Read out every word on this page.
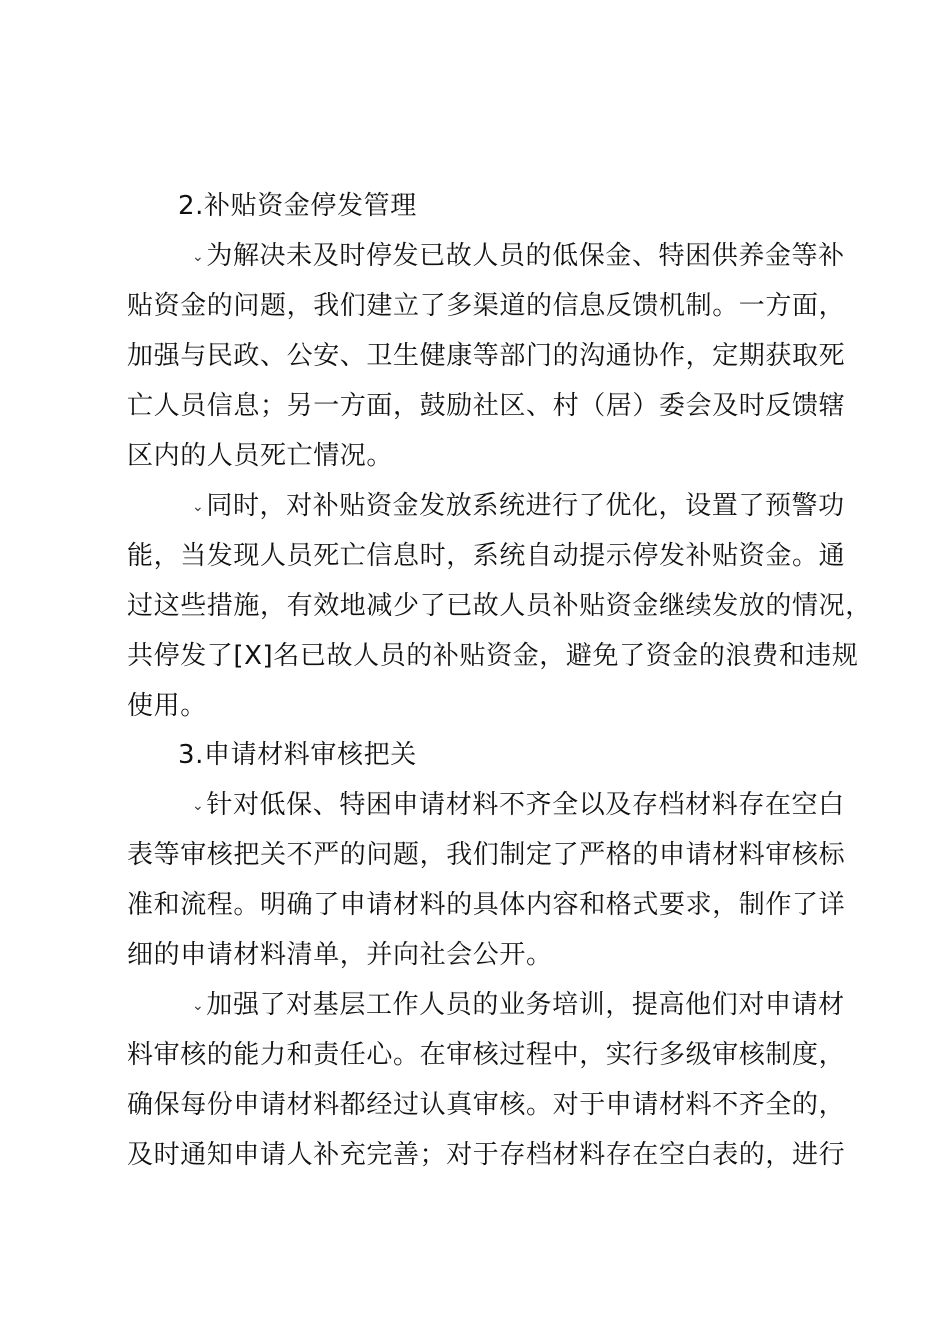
2.补贴资金停发管理

⌄为解决未及时停发已故人员的低保金、特困供养金等补

贴资金的问题，我们建立了多渠道的信息反馈机制。一方面，

加强与民政、公安、卫生健康等部门的沟通协作，定期获取死

亡人员信息；另一方面，鼓励社区、村（居）委会及时反馈辖

区内的人员死亡情况。

⌄同时，对补贴资金发放系统进行了优化，设置了预警功

能，当发现人员死亡信息时，系统自动提示停发补贴资金。通

过这些措施，有效地减少了已故人员补贴资金继续发放的情况，

共停发了[X]名已故人员的补贴资金，避免了资金的浪费和违规

使用。

3.申请材料审核把关

⌄针对低保、特困申请材料不齐全以及存档材料存在空白

表等审核把关不严的问题，我们制定了严格的申请材料审核标

准和流程。明确了申请材料的具体内容和格式要求，制作了详

细的申请材料清单，并向社会公开。

⌄加强了对基层工作人员的业务培训，提高他们对申请材

料审核的能力和责任心。在审核过程中，实行多级审核制度，

确保每份申请材料都经过认真审核。对于申请材料不齐全的，

及时通知申请人补充完善；对于存档材料存在空白表的，进行
